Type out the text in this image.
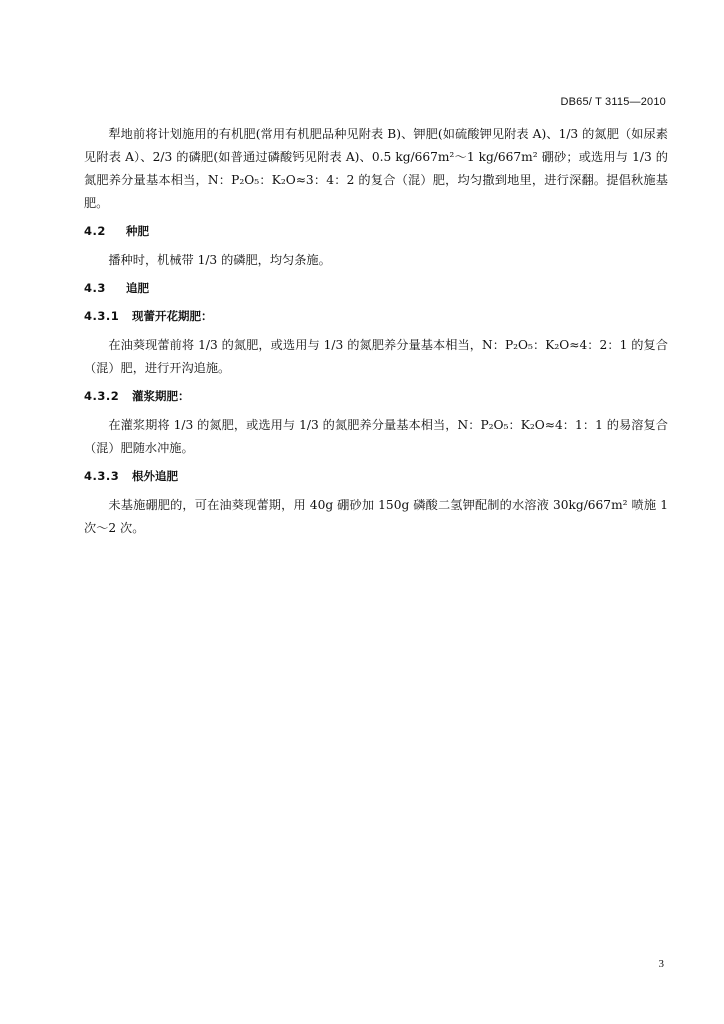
DB65/ T 3115—2010

犁地前将计划施用的有机肥(常用有机肥品种见附表 B)、钾肥(如硫酸钾见附表 A)、1/3 的氮肥（如尿素见附表 A）、2/3 的磷肥(如普通过磷酸钙见附表 A)、0.5 kg/667m²～1 kg/667m² 硼砂；或选用与 1/3 的氮肥养分量基本相当，N：P₂O₅：K₂O≈3：4：2 的复合（混）肥，均匀撒到地里，进行深翻。提倡秋施基肥。

4.2 种肥

播种时，机械带 1/3 的磷肥，均匀条施。

4.3 追肥
4.3.1 现蕾开花期肥：

在油葵现蕾前将 1/3 的氮肥，或选用与 1/3 的氮肥养分量基本相当，N：P₂O₅：K₂O≈4：2：1 的复合（混）肥，进行开沟追施。

4.3.2 灌浆期肥：

在灌浆期将 1/3 的氮肥，或选用与 1/3 的氮肥养分量基本相当，N：P₂O₅：K₂O≈4：1：1 的易溶复合（混）肥随水冲施。

4.3.3 根外追肥

未基施硼肥的，可在油葵现蕾期，用 40g 硼砂加 150g 磷酸二氢钾配制的水溶液 30kg/667m² 喷施 1 次～2 次。

3
